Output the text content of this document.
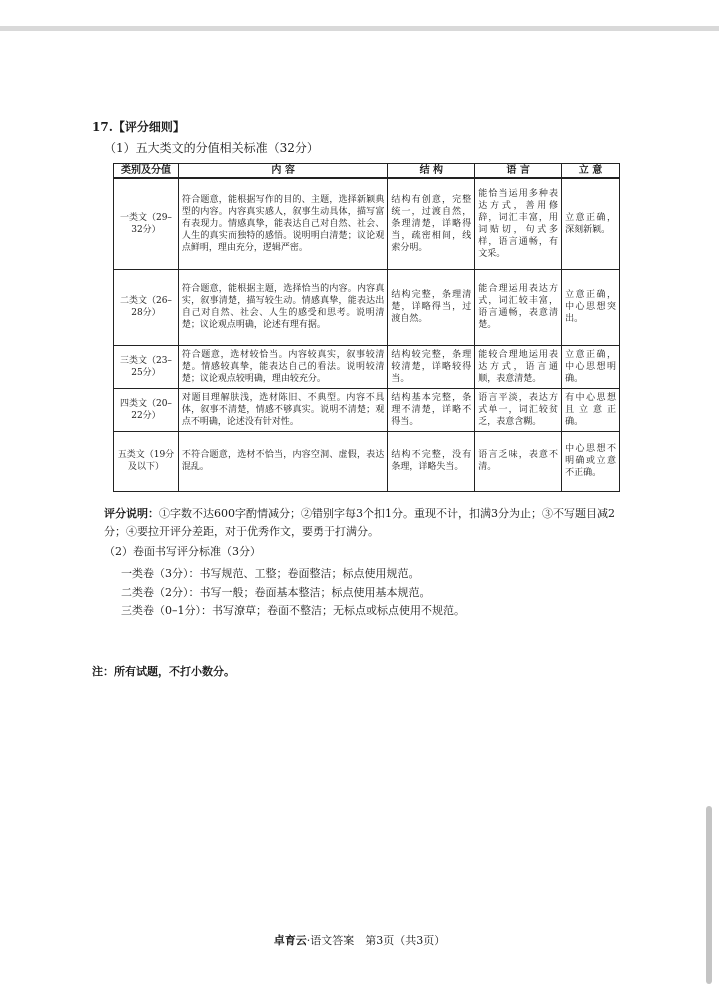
17.【评分细则】
（1）五大类文的分值相关标准（32分）
类别及分值	内 容	结 构	语 言	立 意
一类文（29–32分）	符合题意，能根据写作的目的、主题，选择新颖典型的内容。内容真实感人，叙事生动具体，描写富有表现力。情感真挚，能表达自己对自然、社会、人生的真实而独特的感悟。说明明白清楚；议论观点鲜明，理由充分，逻辑严密。	结构有创意，完整统一，过渡自然，条理清楚，详略得当，疏密相间，线索分明。	能恰当运用多种表达方式，善用修辞，词汇丰富，用词贴切，句式多样，语言通畅，有文采。	立意正确，深刻新颖。
二类文（26–28分）	符合题意，能根据主题，选择恰当的内容。内容真实，叙事清楚，描写较生动。情感真挚，能表达出自己对自然、社会、人生的感受和思考。说明清楚；议论观点明确，论述有理有据。	结构完整，条理清楚，详略得当，过渡自然。	能合理运用表达方式，词汇较丰富，语言通畅，表意清楚。	立意正确，中心思想突出。
三类文（23–25分）	符合题意，选材较恰当。内容较真实，叙事较清楚。情感较真挚，能表达自己的看法。说明较清楚；议论观点较明确，理由较充分。	结构较完整，条理较清楚，详略较得当。	能较合理地运用表达方式，语言通顺，表意清楚。	立意正确，中心思想明确。
四类文（20–22分）	对题目理解肤浅，选材陈旧、不典型。内容不具体，叙事不清楚，情感不够真实。说明不清楚；观点不明确，论述没有针对性。	结构基本完整，条理不清楚，详略不得当。	语言平淡，表达方式单一，词汇较贫乏，表意含糊。	有中心思想且立意正确。
五类文（19分及以下）	不符合题意，选材不恰当，内容空洞、虚假，表达混乱。	结构不完整，没有条理，详略失当。	语言乏味，表意不清。	中心思想不明确或立意不正确。
评分说明：①字数不达600字酌情减分；②错别字每3个扣1分。重现不计，扣满3分为止；③不写题目减2分；④要拉开评分差距，对于优秀作文，要勇于打满分。
（2）卷面书写评分标准（3分）
一类卷（3分）：书写规范、工整；卷面整洁；标点使用规范。
二类卷（2分）：书写一般；卷面基本整洁；标点使用基本规范。
三类卷（0–1分）：书写潦草；卷面不整洁；无标点或标点使用不规范。
注：所有试题，不打小数分。
卓育云·语文答案　第3页（共3页）
